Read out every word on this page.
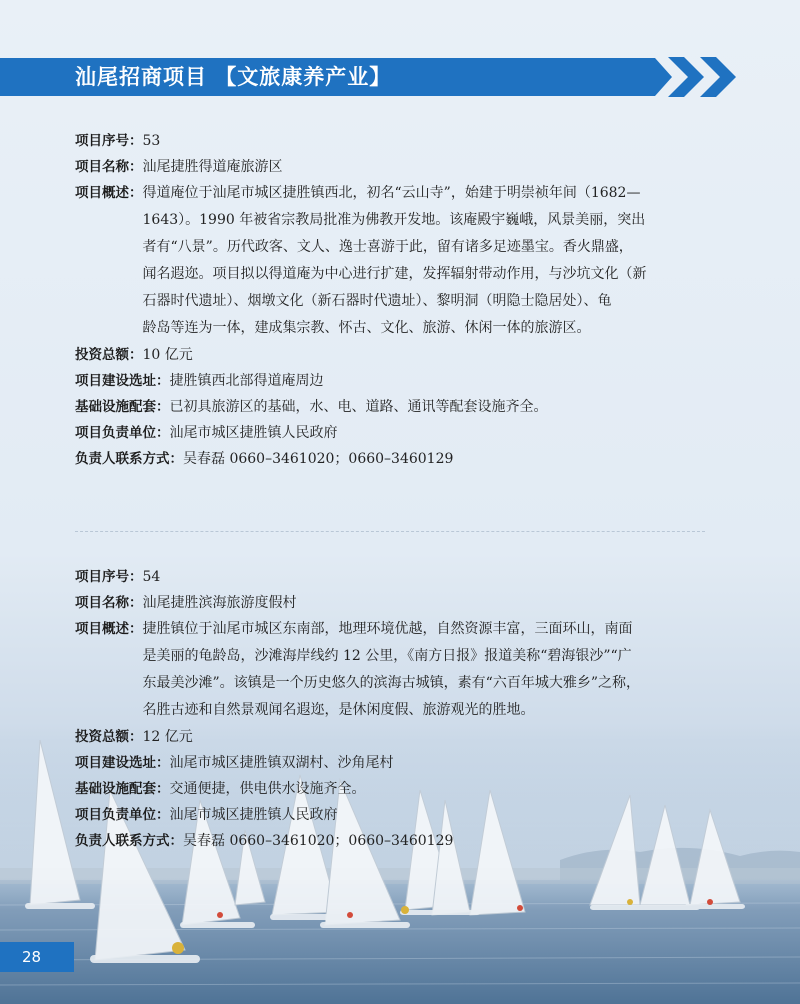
汕尾招商项目 【文旅康养产业】
项目序号：53
项目名称：汕尾捷胜得道庵旅游区
项目概述： 得道庵位于汕尾市城区捷胜镇西北，初名“云山寺”，始建于明崇祯年间（1682—
1643）。1990 年被省宗教局批准为佛教开发地。该庵殿宇巍峨，风景美丽，突出
者有“八景”。历代政客、文人、逸士喜游于此，留有诸多足迹墨宝。香火鼎盛，
闻名遐迩。项目拟以得道庵为中心进行扩建，发挥辐射带动作用，与沙坑文化（新
石器时代遗址）、烟墩文化（新石器时代遗址）、黎明洞（明隐士隐居处）、龟
龄岛等连为一体，建成集宗教、怀古、文化、旅游、休闲一体的旅游区。
投资总额：10 亿元
项目建设选址：捷胜镇西北部得道庵周边
基础设施配套：已初具旅游区的基础，水、电、道路、通讯等配套设施齐全。
项目负责单位：汕尾市城区捷胜镇人民政府
负责人联系方式：吴春磊 0660–3461020；0660–3460129
项目序号：54
项目名称：汕尾捷胜滨海旅游度假村
项目概述： 捷胜镇位于汕尾市城区东南部，地理环境优越，自然资源丰富，三面环山，南面
是美丽的龟龄岛，沙滩海岸线约 12 公里，《南方日报》报道美称“碧海银沙”“广
东最美沙滩”。该镇是一个历史悠久的滨海古城镇，素有“六百年城大雅乡”之称，
名胜古迹和自然景观闻名遐迩，是休闲度假、旅游观光的胜地。
投资总额：12 亿元
项目建设选址：汕尾市城区捷胜镇双湖村、沙角尾村
基础设施配套：交通便捷，供电供水设施齐全。
项目负责单位：汕尾市城区捷胜镇人民政府
负责人联系方式：吴春磊 0660–3461020；0660–3460129
28
